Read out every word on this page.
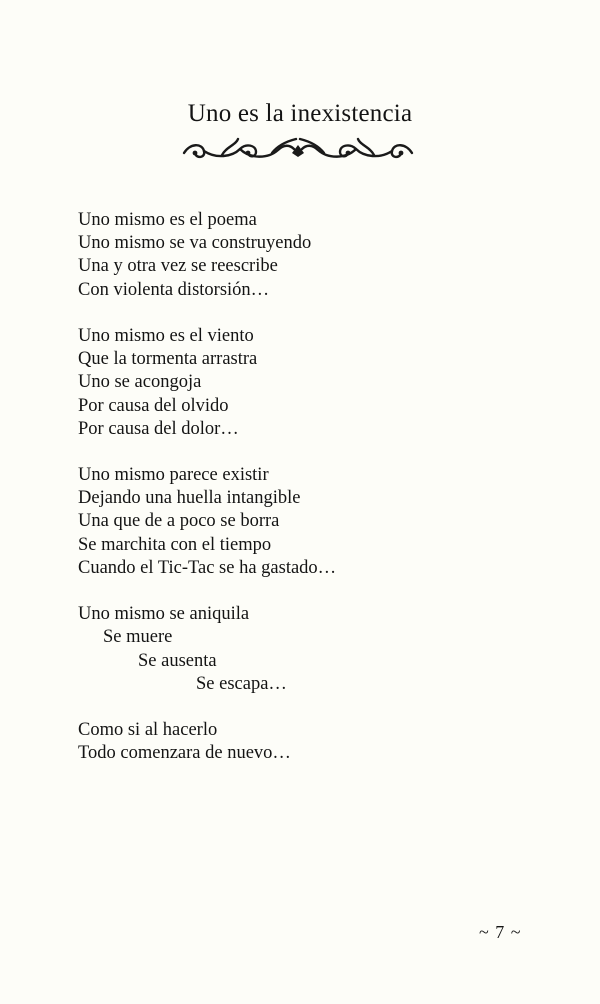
Uno es la inexistencia
Uno mismo es el poema
Uno mismo se va construyendo
Una y otra vez se reescribe
Con violenta distorsión…
Uno mismo es el viento
Que la tormenta arrastra
Uno se acongoja
Por causa del olvido
Por causa del dolor…
Uno mismo parece existir
Dejando una huella intangible
Una que de a poco se borra
Se marchita con el tiempo
Cuando el Tic-Tac se ha gastado…
Uno mismo se aniquila
Se muere
Se ausenta
Se escapa…
Como si al hacerlo
Todo comenzara de nuevo…
~ 7 ~
